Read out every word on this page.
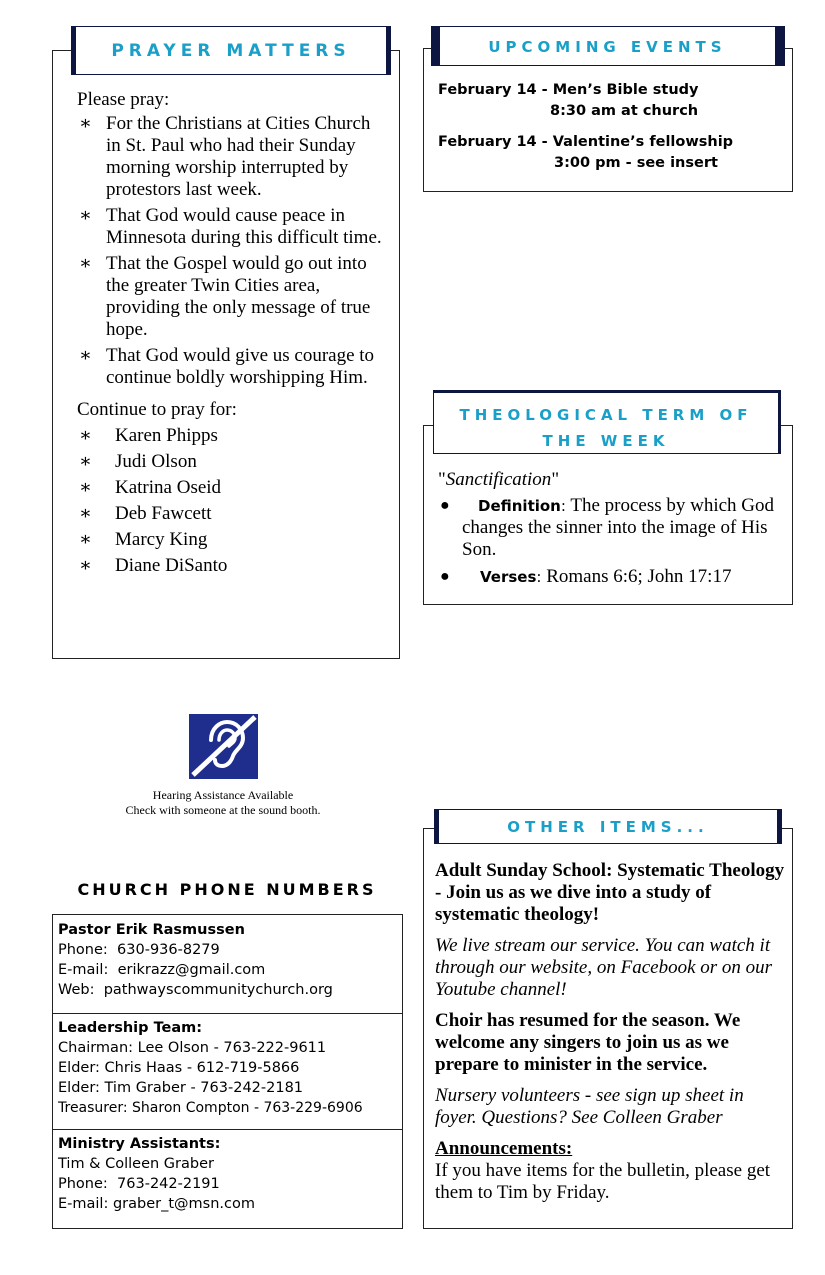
Please pray:
∗ For the Christians at Cities Church in St. Paul who had their Sunday morning worship interrupted by protestors last week.
∗ That God would cause peace in Minnesota during this difficult time.
∗ That the Gospel would go out into the greater Twin Cities area, providing the only message of true hope.
∗ That God would give us courage to continue boldly worshipping Him.
Continue to pray for:
∗ Karen Phipps
∗ Judi Olson
∗ Katrina Oseid
∗ Deb Fawcett
∗ Marcy King
∗ Diane DiSanto
PRAYER MATTERS
February 14 - Men’s Bible study
8:30 am at church
February 14 - Valentine’s fellowship
3:00 pm - see insert
UPCOMING EVENTS
"Sanctification"
● Definition: The process by which God changes the sinner into the image of His Son.
● Verses: Romans 6:6; John 17:17
THEOLOGICAL TERM OF
THE WEEK
Hearing Assistance Available
Check with someone at the sound booth.
CHURCH PHONE NUMBERS
Pastor Erik Rasmussen
Phone: 630-936-8279
E-mail: erikrazz@gmail.com
Web: pathwayscommunitychurch.org
Leadership Team:
Chairman: Lee Olson - 763-222-9611
Elder: Chris Haas - 612-719-5866
Elder: Tim Graber - 763-242-2181
Treasurer: Sharon Compton - 763-229-6906
Ministry Assistants:
Tim & Colleen Graber
Phone: 763-242-2191
E-mail: graber_t@msn.com
Adult Sunday School: Systematic Theology - Join us as we dive into a study of systematic theology!
We live stream our service. You can watch it through our website, on Facebook or on our Youtube channel!
Choir has resumed for the season. We welcome any singers to join us as we prepare to minister in the service.
Nursery volunteers - see sign up sheet in foyer. Questions? See Colleen Graber
Announcements:
If you have items for the bulletin, please get them to Tim by Friday.
OTHER ITEMS...
